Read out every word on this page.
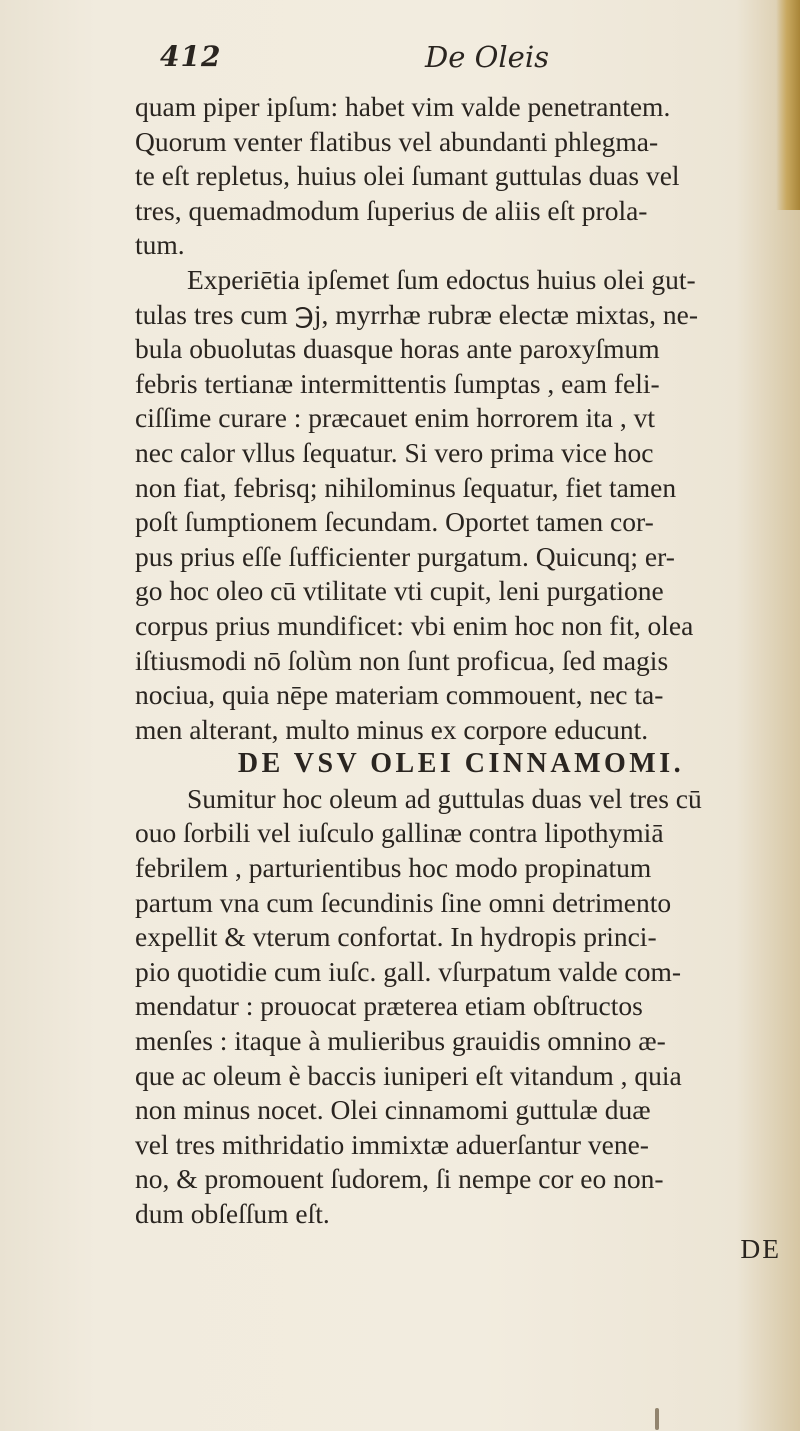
412	De Oleis
quam piper ipſum: habet vim valde penetrantem.
Quorum venter flatibus vel abundanti phlegma-
te eſt repletus, huius olei ſumant guttulas duas vel
tres, quemadmodum ſuperius de aliis eſt prola-
tum.
Experiētia ipſemet ſum edoctus huius olei gut-
tulas tres cum ℈j, myrrhæ rubræ electæ mixtas, ne-
bula obuolutas duasque horas ante paroxyſmum
febris tertianæ intermittentis ſumptas , eam feli-
ciſſime curare : præcauet enim horrorem ita , vt
nec calor vllus ſequatur. Si vero prima vice hoc
non fiat, febrisq; nihilominus ſequatur, fiet tamen
poſt ſumptionem ſecundam. Oportet tamen cor-
pus prius eſſe ſufficienter purgatum. Quicunq; er-
go hoc oleo cū vtilitate vti cupit, leni purgatione
corpus prius mundificet: vbi enim hoc non fit, olea
iſtiusmodi nō ſolùm non ſunt proficua, ſed magis
nociua, quia nēpe materiam commouent, nec ta-
men alterant, multo minus ex corpore educunt.
DE VSV OLEI CINNAMOMI.
Sumitur hoc oleum ad guttulas duas vel tres cū
ouo ſorbili vel iuſculo gallinæ contra lipothymiā
febrilem , parturientibus hoc modo propinatum
partum vna cum ſecundinis ſine omni detrimento
expellit & vterum confortat. In hydropis princi-
pio quotidie cum iuſc. gall. vſurpatum valde com-
mendatur : prouocat præterea etiam obſtructos
menſes : itaque à mulieribus grauidis omnino æ-
que ac oleum è baccis iuniperi eſt vitandum , quia
non minus nocet. Olei cinnamomi guttulæ duæ
vel tres mithridatio immixtæ aduerſantur vene-
no, & promouent ſudorem, ſi nempe cor eo non-
dum obſeſſum eſt.
DE
